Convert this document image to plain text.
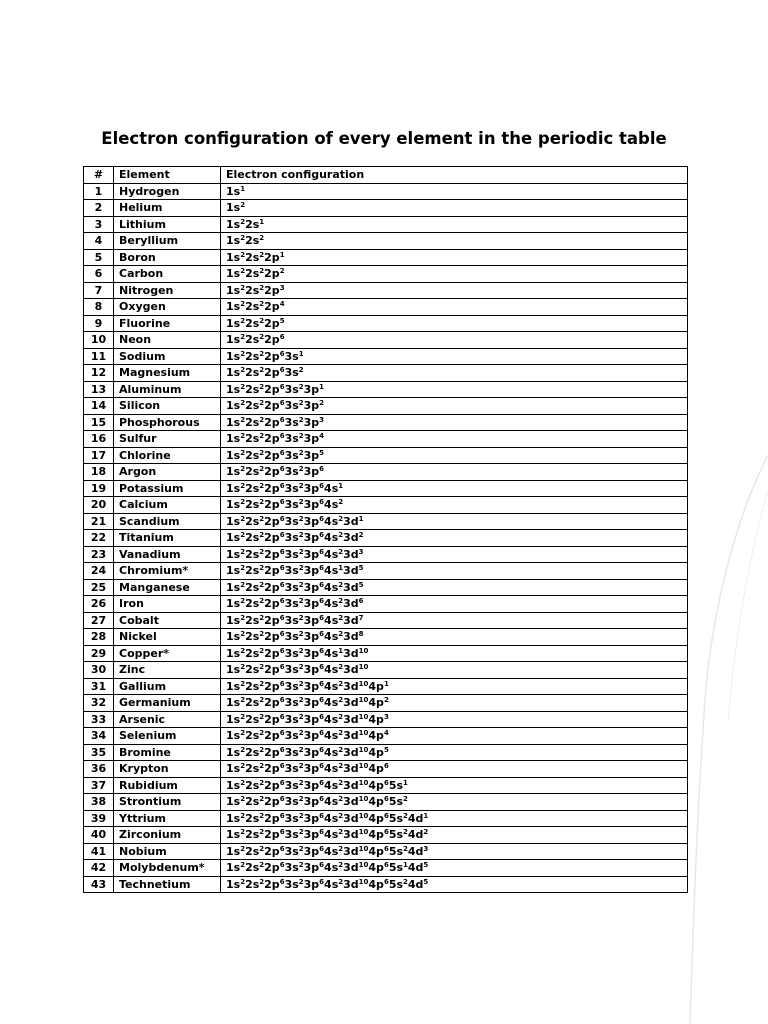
Electron configuration of every element in the periodic table
#	Element	Electron configuration
1	Hydrogen	$1s^1$
2	Helium	$1s^2$
3	Lithium	$1s^22s^1$
4	Beryllium	$1s^22s^2$
5	Boron	$1s^22s^22p^1$
6	Carbon	$1s^22s^22p^2$
7	Nitrogen	$1s^22s^22p^3$
8	Oxygen	$1s^22s^22p^4$
9	Fluorine	$1s^22s^22p^5$
10	Neon	$1s^22s^22p^6$
11	Sodium	$1s^22s^22p^63s^1$
12	Magnesium	$1s^22s^22p^63s^2$
13	Aluminum	$1s^22s^22p^63s^23p^1$
14	Silicon	$1s^22s^22p^63s^23p^2$
15	Phosphorous	$1s^22s^22p^63s^23p^3$
16	Sulfur	$1s^22s^22p^63s^23p^4$
17	Chlorine	$1s^22s^22p^63s^23p^5$
18	Argon	$1s^22s^22p^63s^23p^6$
19	Potassium	$1s^22s^22p^63s^23p^64s^1$
20	Calcium	$1s^22s^22p^63s^23p^64s^2$
21	Scandium	$1s^22s^22p^63s^23p^64s^23d^1$
22	Titanium	$1s^22s^22p^63s^23p^64s^23d^2$
23	Vanadium	$1s^22s^22p^63s^23p^64s^23d^3$
24	Chromium*	$1s^22s^22p^63s^23p^64s^13d^5$
25	Manganese	$1s^22s^22p^63s^23p^64s^23d^5$
26	Iron	$1s^22s^22p^63s^23p^64s^23d^6$
27	Cobalt	$1s^22s^22p^63s^23p^64s^23d^7$
28	Nickel	$1s^22s^22p^63s^23p^64s^23d^8$
29	Copper*	$1s^22s^22p^63s^23p^64s^13d^{10}$
30	Zinc	$1s^22s^22p^63s^23p^64s^23d^{10}$
31	Gallium	$1s^22s^22p^63s^23p^64s^23d^{10}4p^1$
32	Germanium	$1s^22s^22p^63s^23p^64s^23d^{10}4p^2$
33	Arsenic	$1s^22s^22p^63s^23p^64s^23d^{10}4p^3$
34	Selenium	$1s^22s^22p^63s^23p^64s^23d^{10}4p^4$
35	Bromine	$1s^22s^22p^63s^23p^64s^23d^{10}4p^5$
36	Krypton	$1s^22s^22p^63s^23p^64s^23d^{10}4p^6$
37	Rubidium	$1s^22s^22p^63s^23p^64s^23d^{10}4p^65s^1$
38	Strontium	$1s^22s^22p^63s^23p^64s^23d^{10}4p^65s^2$
39	Yttrium	$1s^22s^22p^63s^23p^64s^23d^{10}4p^65s^24d^1$
40	Zirconium	$1s^22s^22p^63s^23p^64s^23d^{10}4p^65s^24d^2$
41	Nobium	$1s^22s^22p^63s^23p^64s^23d^{10}4p^65s^24d^3$
42	Molybdenum*	$1s^22s^22p^63s^23p^64s^23d^{10}4p^65s^14d^5$
43	Technetium	$1s^22s^22p^63s^23p^64s^23d^{10}4p^65s^24d^5$
